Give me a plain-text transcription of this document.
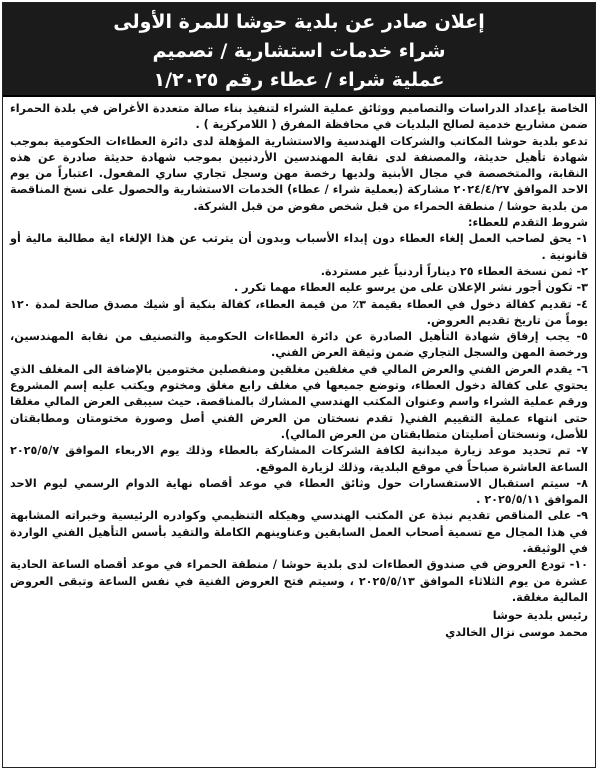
إعلان صادر عن بلدية حوشا للمرة الأولى
شراء خدمات استشارية / تصميم
عملية شراء / عطاء رقم ١/٢٠٢٥

الخاصة بإعداد الدراسات والتصاميم ووثائق عملية الشراء لتنفيذ بناء صالة متعددة الأغراض في بلدة الحمراء ضمن مشاريع خدمية لصالح البلديات في محافظة المفرق ( اللامركزية ) .

تدعو بلدية حوشا المكاتب والشركات الهندسية والاستشارية المؤهلة لدى دائرة العطاءات الحكومية بموجب شهادة تأهيل حديثة، والمصنفة لدى نقابة المهندسين الأردنيين بموجب شهادة حديثة صادرة عن هذه النقابة، والمتخصصة في مجال الأبنية ولديها رخصة مهن وسجل تجاري ساري المفعول. اعتباراً من يوم الاحد الموافق ٢٠٢٤/٤/٢٧ مشاركة (بعملية شراء / عطاء) الخدمات الاستشارية والحصول على نسخ المناقصة من بلدية حوشا / منطقة الحمراء من قبل شخص مفوض من قبل الشركة.

شروط التقدم للعطاء:

١- يحق لصاحب العمل إلغاء العطاء دون إبداء الأسباب وبدون أن يترتب عن هذا الإلغاء اية مطالبة مالية أو قانونية .

٢- ثمن نسخة العطاء ٢٥ ديناراً أردنياً غير مستردة.

٣- تكون أجور نشر الإعلان على من يرسو عليه العطاء مهما تكرر .

٤- تقديم كفالة دخول في العطاء بقيمة ٣٪ من قيمة العطاء، كفالة بنكية أو شيك مصدق صالحة لمدة ١٢٠ يوماً من تاريخ تقديم العروض.

٥- يجب إرفاق شهادة التأهيل الصادرة عن دائرة العطاءات الحكومية والتصنيف من نقابة المهندسين، ورخصة المهن والسجل التجاري ضمن وثيقة العرض الفني.

٦- يقدم العرض الفني والعرض المالي في مغلفين مغلقين ومنفصلين مختومين بالإضافة الى المغلف الذي يحتوي على كفالة دخول العطاء، وتوضع جميعها في مغلف رابع مغلق ومختوم ويكتب عليه إسم المشروع ورقم عملية الشراء واسم وعنوان المكتب الهندسي المشارك بالمناقصة. حيث سيبقى العرض المالي مغلقا حتى انتهاء عملية التقييم الفني( تقدم نسختان من العرض الفني أصل وصورة مختومتان ومطابقتان للأصل، ونسختان أصليتان متطابقتان من العرض المالي).

٧- تم تحديد موعد زيارة ميدانية لكافة الشركات المشاركة بالعطاء وذلك يوم الاربعاء الموافق ٢٠٢٥/٥/٧ الساعة العاشرة صباحاً في موقع البلدية، وذلك لزيارة الموقع.

٨- سيتم استقبال الاستفسارات حول وثائق العطاء في موعد أقصاه نهاية الدوام الرسمي ليوم الاحد الموافق ٢٠٢٥/٥/١١ .

٩- على المناقص تقديم نبذة عن المكتب الهندسي وهيكله التنظيمي وكوادره الرئيسية وخبراته المشابهة في هذا المجال مع تسمية أصحاب العمل السابقين وعناوينهم الكاملة والتقيد بأسس التأهيل الفني الواردة في الوثيقة.

١٠- تودع العروض في صندوق العطاءات لدى بلدية حوشا / منطقة الحمراء في موعد أقصاه الساعة الحادية عشرة من يوم الثلاثاء الموافق ٢٠٢٥/٥/١٣ ، وسيتم فتح العروض الفنية في نفس الساعة وتبقى العروض المالية مغلقة.

رئيس بلدية حوشا

محمد موسى نزال الخالدي
